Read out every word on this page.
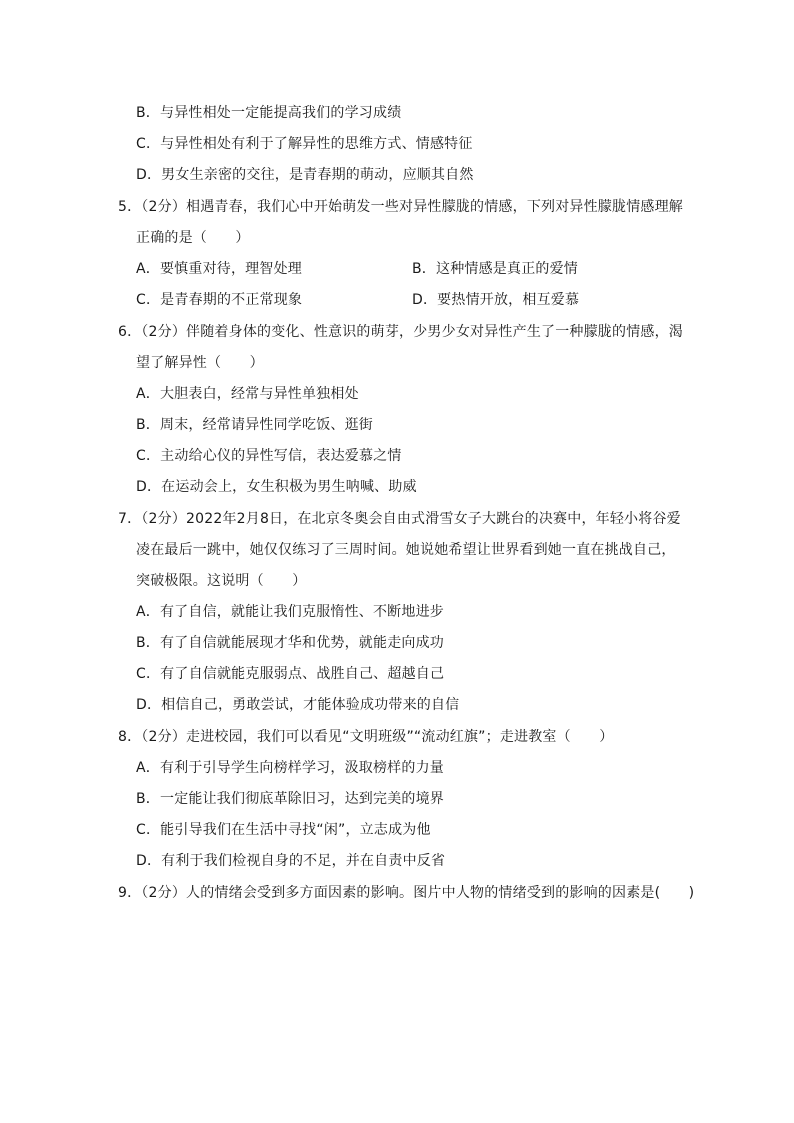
B．与异性相处一定能提高我们的学习成绩
C．与异性相处有利于了解异性的思维方式、情感特征
D．男女生亲密的交往，是青春期的萌动，应顺其自然
5．（2分）相遇青春，我们心中开始萌发一些对异性朦胧的情感，下列对异性朦胧情感理解
正确的是（　　）
A．要慎重对待，理智处理	B．这种情感是真正的爱情
C．是青春期的不正常现象	D．要热情开放，相互爱慕
6．（2分）伴随着身体的变化、性意识的萌芽，少男少女对异性产生了一种朦胧的情感，渴
望了解异性（　　）
A．大胆表白，经常与异性单独相处
B．周末，经常请异性同学吃饭、逛街
C．主动给心仪的异性写信，表达爱慕之情
D．在运动会上，女生积极为男生呐喊、助威
7．（2分）2022年2月8日，在北京冬奥会自由式滑雪女子大跳台的决赛中，年轻小将谷爱
凌在最后一跳中，她仅仅练习了三周时间。她说她希望让世界看到她一直在挑战自己，
突破极限。这说明（　　）
A．有了自信，就能让我们克服惰性、不断地进步
B．有了自信就能展现才华和优势，就能走向成功
C．有了自信就能克服弱点、战胜自己、超越自己
D．相信自己，勇敢尝试，才能体验成功带来的自信
8．（2分）走进校园，我们可以看见“文明班级”“流动红旗”；走进教室（　　）
A．有利于引导学生向榜样学习，汲取榜样的力量
B．一定能让我们彻底革除旧习，达到完美的境界
C．能引导我们在生活中寻找“闲”，立志成为他
D．有利于我们检视自身的不足，并在自责中反省
9．（2分）人的情绪会受到多方面因素的影响。图片中人物的情绪受到的影响的因素是(　　)
